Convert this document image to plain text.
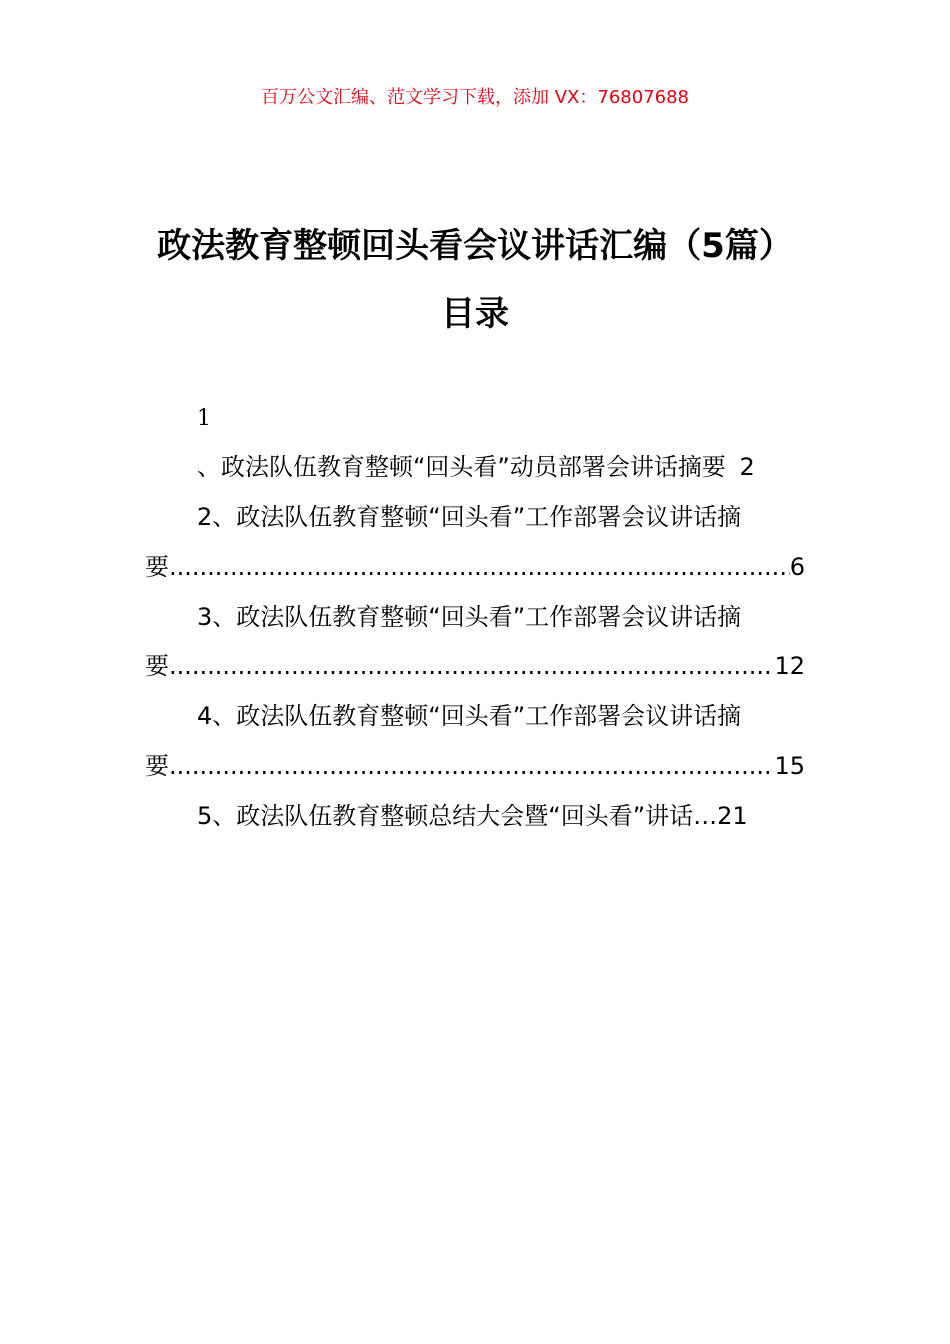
百万公文汇编、范文学习下载，添加 VX：76807688
政法教育整顿回头看会议讲话汇编（5篇）
目录
1
、政法队伍教育整顿“回头看”动员部署会讲话摘要 2
2、政法队伍教育整顿“回头看”工作部署会议讲话摘
要 .....	6
3、政法队伍教育整顿“回头看”工作部署会议讲话摘
要 .....	12
4、政法队伍教育整顿“回头看”工作部署会议讲话摘
要 .....	15
5、政法队伍教育整顿总结大会暨“回头看”讲话…21
